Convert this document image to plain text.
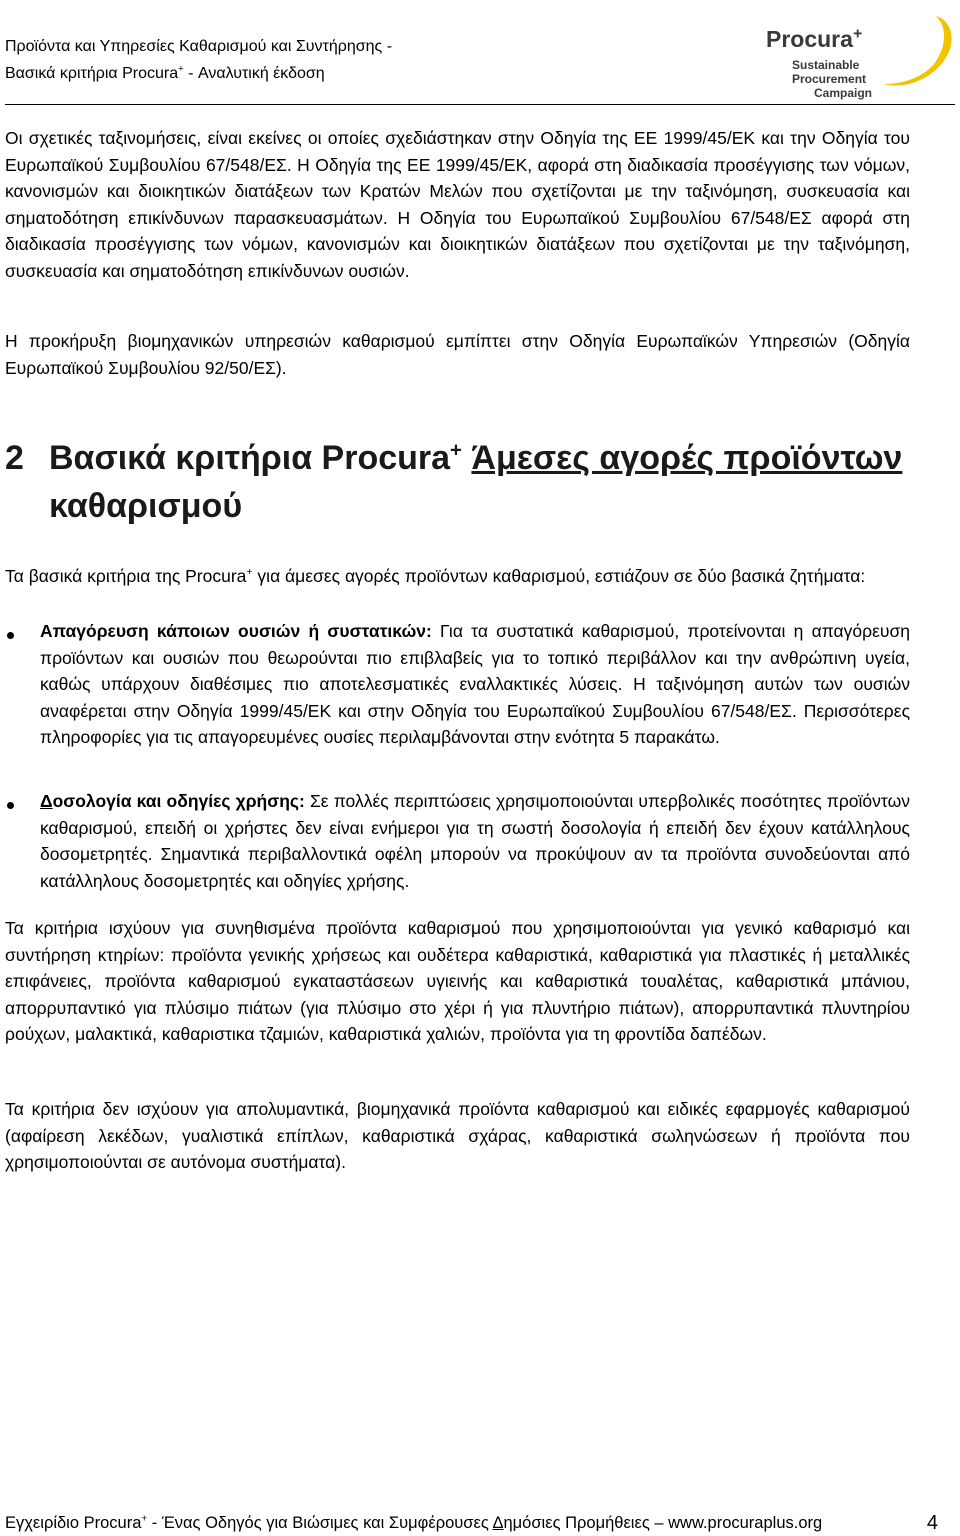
Προϊόντα και Υπηρεσίες Καθαρισμού και Συντήρησης -
Βασικά κριτήρια Procura+ - Αναλυτική έκδοση
Procura+
Sustainable
Procurement
Campaign
Οι σχετικές ταξινομήσεις, είναι εκείνες οι οποίες σχεδιάστηκαν στην Οδηγία της ΕΕ 1999/45/ΕΚ και την Οδηγία του Ευρωπαϊκού Συμβουλίου 67/548/ΕΣ. Η Οδηγία της ΕΕ 1999/45/ΕΚ, αφορά στη διαδικασία προσέγγισης των νόμων, κανονισμών και διοικητικών διατάξεων των Κρατών Μελών που σχετίζονται με την ταξινόμηση, συσκευασία και σηματοδότηση επικίνδυνων παρασκευασμάτων. Η Οδηγία του Ευρωπαϊκού Συμβουλίου 67/548/ΕΣ αφορά στη διαδικασία προσέγγισης των νόμων, κανονισμών και διοικητικών διατάξεων που σχετίζονται με την ταξινόμηση, συσκευασία και σηματοδότηση επικίνδυνων ουσιών.
Η προκήρυξη βιομηχανικών υπηρεσιών καθαρισμού εμπίπτει στην Οδηγία Ευρωπαϊκών Υπηρεσιών (Οδηγία Ευρωπαϊκού Συμβουλίου 92/50/ΕΣ).
2 Βασικά κριτήρια Procura+ Άμεσες αγορές προϊόντων
καθαρισμού
Τα βασικά κριτήρια της Procura+ για άμεσες αγορές προϊόντων καθαρισμού, εστιάζουν σε δύο βασικά ζητήματα:
Απαγόρευση κάποιων ουσιών ή συστατικών: Για τα συστατικά καθαρισμού, προτείνονται η απαγόρευση προϊόντων και ουσιών που θεωρούνται πιο επιβλαβείς για το τοπικό περιβάλλον και την ανθρώπινη υγεία, καθώς υπάρχουν διαθέσιμες πιο αποτελεσματικές εναλλακτικές λύσεις. Η ταξινόμηση αυτών των ουσιών αναφέρεται στην Οδηγία 1999/45/ΕΚ και στην Οδηγία του Ευρωπαϊκού Συμβουλίου 67/548/ΕΣ. Περισσότερες πληροφορίες για τις απαγορευμένες ουσίες περιλαμβάνονται στην ενότητα 5 παρακάτω.
Δοσολογία και οδηγίες χρήσης: Σε πολλές περιπτώσεις χρησιμοποιούνται υπερβολικές ποσότητες προϊόντων καθαρισμού, επειδή οι χρήστες δεν είναι ενήμεροι για τη σωστή δοσολογία ή επειδή δεν έχουν κατάλληλους δοσομετρητές. Σημαντικά περιβαλλοντικά οφέλη μπορούν να προκύψουν αν τα προϊόντα συνοδεύονται από κατάλληλους δοσομετρητές και οδηγίες χρήσης.
Τα κριτήρια ισχύουν για συνηθισμένα προϊόντα καθαρισμού που χρησιμοποιούνται για γενικό καθαρισμό και συντήρηση κτηρίων: προϊόντα γενικής χρήσεως και ουδέτερα καθαριστικά, καθαριστικά για πλαστικές ή μεταλλικές επιφάνειες, προϊόντα καθαρισμού εγκαταστάσεων υγιεινής και καθαριστικά τουαλέτας, καθαριστικά μπάνιου, απορρυπαντικό για πλύσιμο πιάτων (για πλύσιμο στο χέρι ή για πλυντήριο πιάτων), απορρυπαντικά πλυντηρίου ρούχων, μαλακτικά, καθαριστικα τζαμιών, καθαριστικά χαλιών, προϊόντα για τη φροντίδα δαπέδων.
Τα κριτήρια δεν ισχύουν για απολυμαντικά, βιομηχανικά προϊόντα καθαρισμού και ειδικές εφαρμογές καθαρισμού (αφαίρεση λεκέδων, γυαλιστικά επίπλων, καθαριστικά σχάρας, καθαριστικά σωληνώσεων ή προϊόντα που χρησιμοποιούνται σε αυτόνομα συστήματα).
Εγχειρίδιο Procura+ - Ένας Οδηγός για Βιώσιμες και Συμφέρουσες Δημόσιες Προμήθειες – www.procuraplus.org	4
